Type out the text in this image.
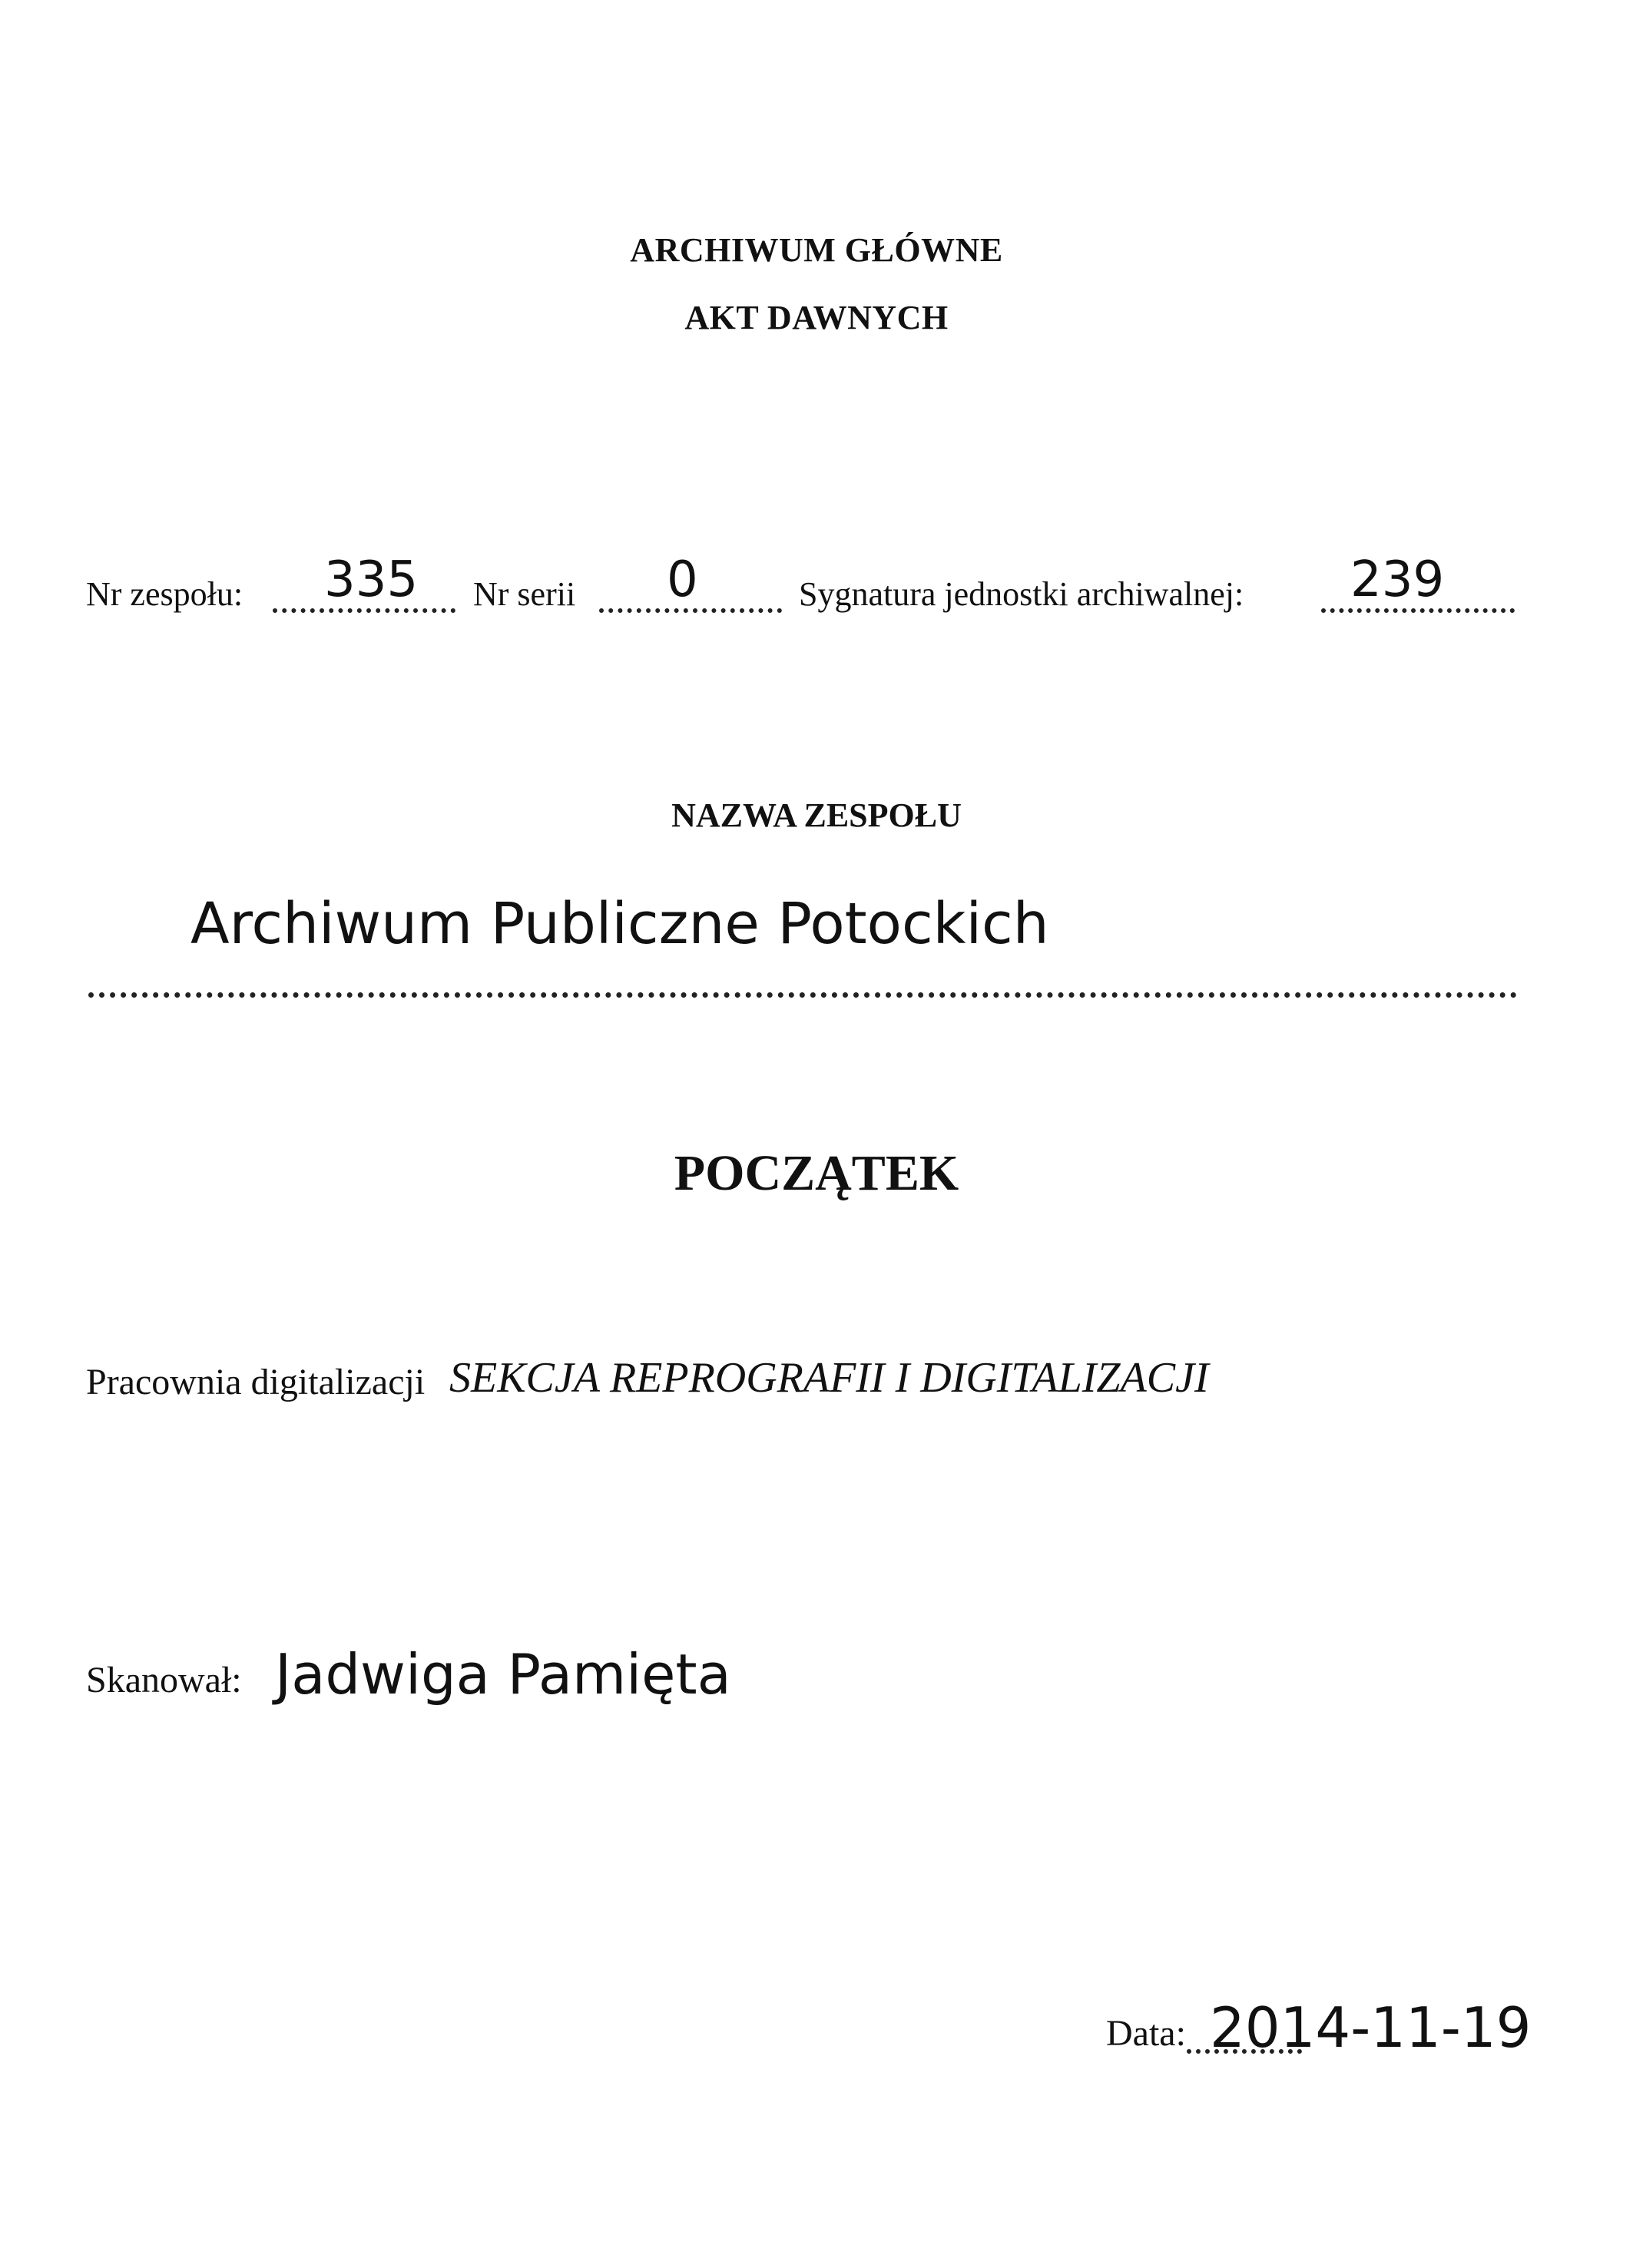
ARCHIWUM GŁÓWNE
AKT DAWNYCH
Nr zespołu: 335 Nr serii 0	Sygnatura jednostki archiwalnej: 239
NAZWA ZESPOŁU
Archiwum Publiczne Potockich
POCZĄTEK
Pracownia digitalizacji SEKCJA REPROGRAFII I DIGITALIZACJI
Skanował: Jadwiga Pamięta
Data: 2014-11-19
